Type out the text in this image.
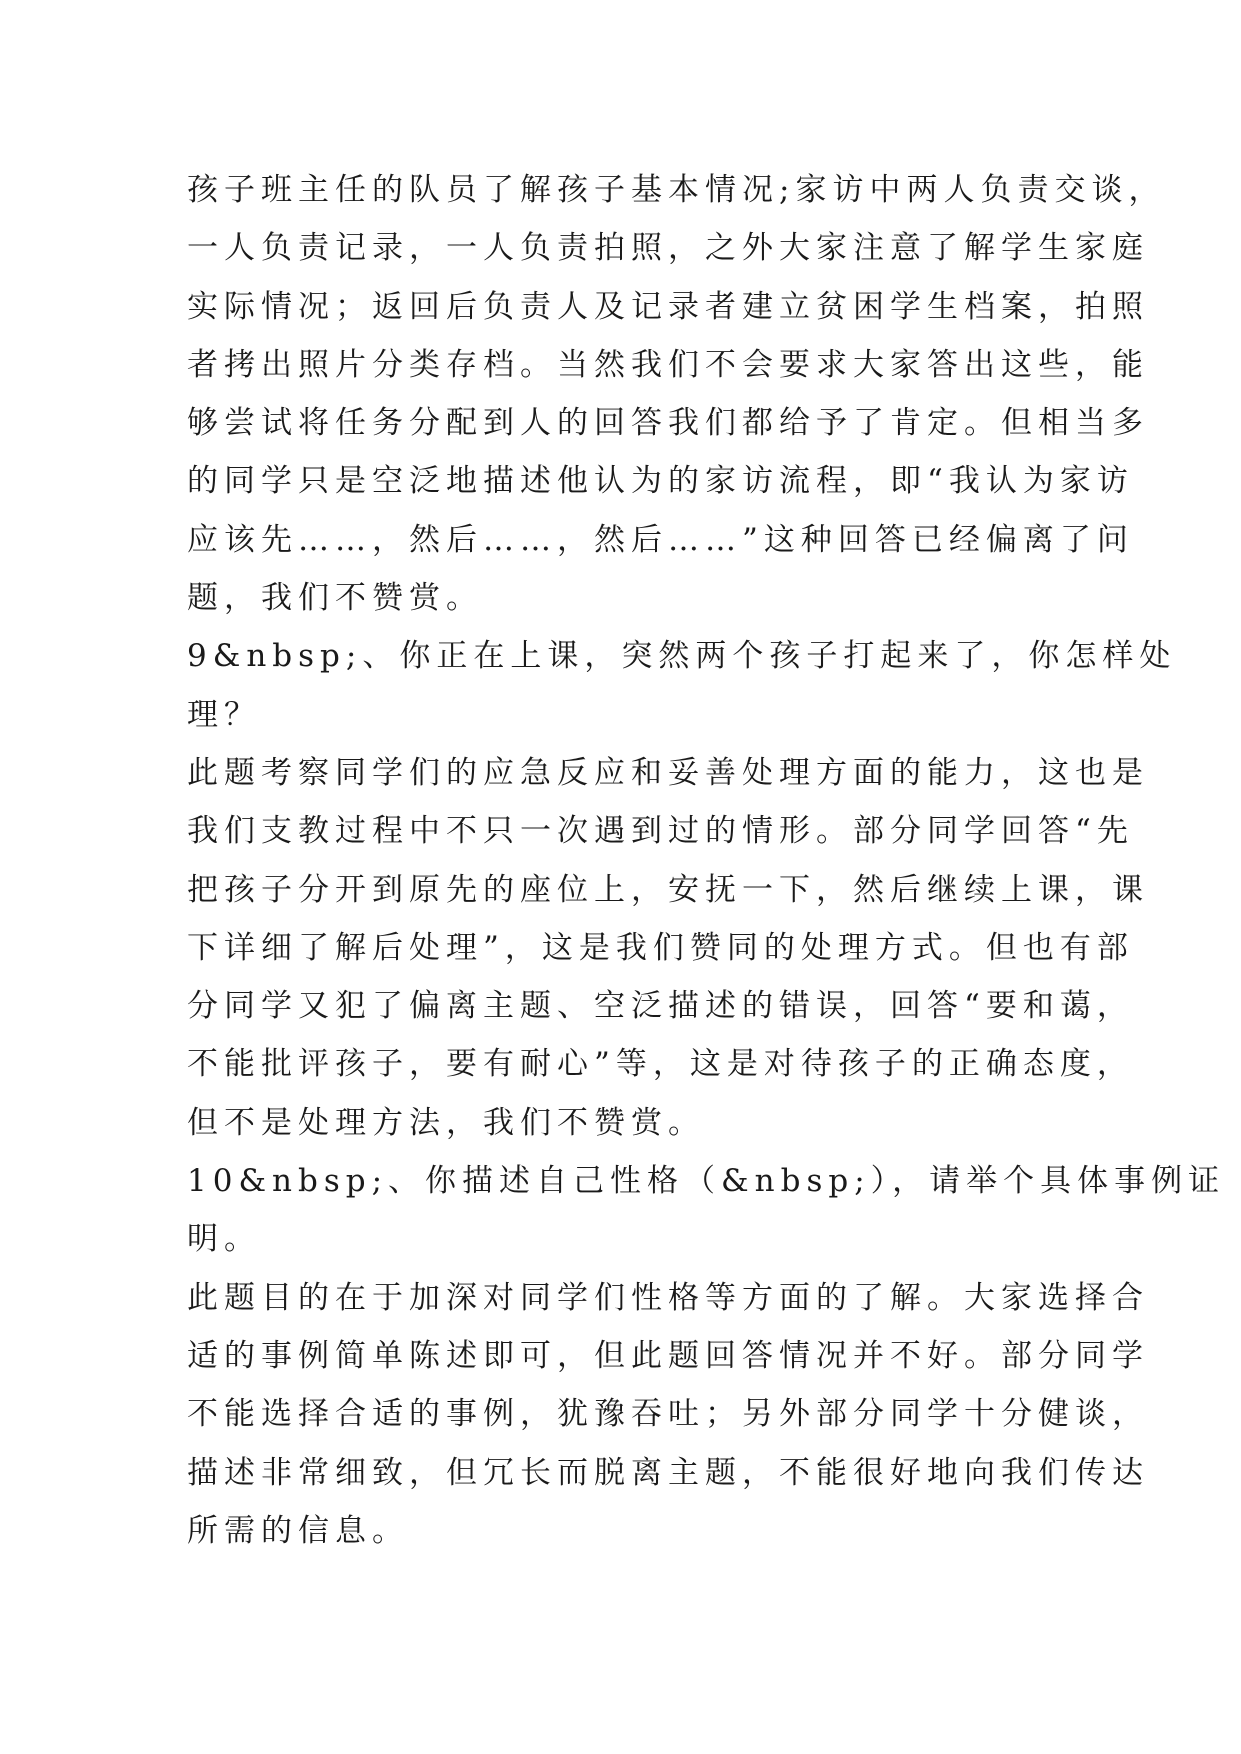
孩子班主任的队员了解孩子基本情况;家访中两人负责交谈，
一人负责记录，一人负责拍照，之外大家注意了解学生家庭
实际情况；返回后负责人及记录者建立贫困学生档案，拍照
者拷出照片分类存档。当然我们不会要求大家答出这些，能
够尝试将任务分配到人的回答我们都给予了肯定。但相当多
的同学只是空泛地描述他认为的家访流程，即“我认为家访
应该先……，然后……，然后……”这种回答已经偏离了问
题，我们不赞赏。
9&nbsp;、你正在上课，突然两个孩子打起来了，你怎样处
理？
此题考察同学们的应急反应和妥善处理方面的能力，这也是
我们支教过程中不只一次遇到过的情形。部分同学回答“先
把孩子分开到原先的座位上，安抚一下，然后继续上课，课
下详细了解后处理”，这是我们赞同的处理方式。但也有部
分同学又犯了偏离主题、空泛描述的错误，回答“要和蔼，
不能批评孩子，要有耐心”等，这是对待孩子的正确态度，
但不是处理方法，我们不赞赏。
10&nbsp;、你描述自己性格（&nbsp;），请举个具体事例证
明。
此题目的在于加深对同学们性格等方面的了解。大家选择合
适的事例简单陈述即可，但此题回答情况并不好。部分同学
不能选择合适的事例，犹豫吞吐；另外部分同学十分健谈，
描述非常细致，但冗长而脱离主题，不能很好地向我们传达
所需的信息。
